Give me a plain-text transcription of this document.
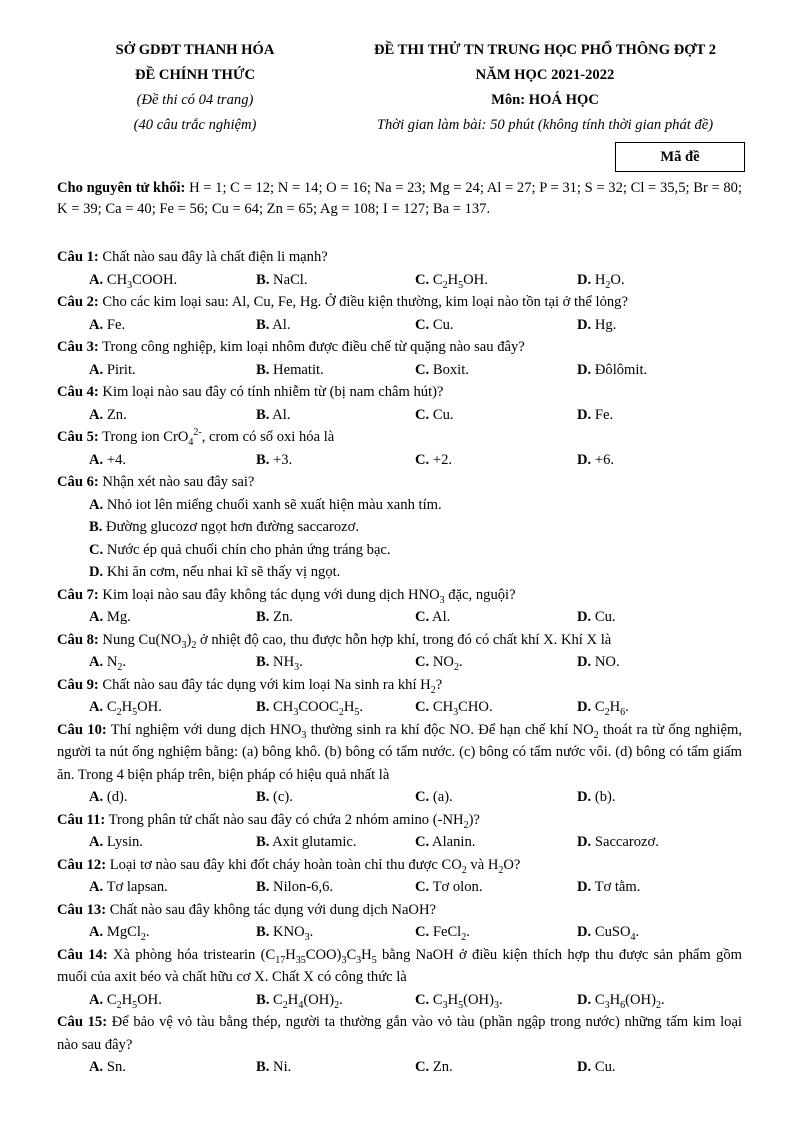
SỞ GDĐT THANH HÓA
ĐỀ CHÍNH THỨC
(Đề thi có 04 trang)
(40 câu trắc nghiệm)
ĐỀ THI THỬ TN TRUNG HỌC PHỔ THÔNG ĐỢT 2
NĂM HỌC 2021-2022
Môn: HOÁ HỌC
Thời gian làm bài: 50 phút (không tính thời gian phát đề)
Mã đề
Cho nguyên tử khối: H = 1; C = 12; N = 14; O = 16; Na = 23; Mg = 24; Al = 27; P = 31; S = 32; Cl = 35,5; Br = 80; K = 39; Ca = 40; Fe = 56; Cu = 64; Zn = 65; Ag = 108; I = 127; Ba = 137.
Câu 1: Chất nào sau đây là chất điện li mạnh?
A. $CH_3COOH$.	B. NaCl.	C. $C_2H_5OH$.	D. $H_2O$.
Câu 2: Cho các kim loại sau: Al, Cu, Fe, Hg. Ở điều kiện thường, kim loại nào tồn tại ở thể lỏng?
A. Fe.	B. Al.	C. Cu.	D. Hg.
Câu 3: Trong công nghiệp, kim loại nhôm được điều chế từ quặng nào sau đây?
A. Pirit.	B. Hematit.	C. Boxit.	D. Đôlômit.
Câu 4: Kim loại nào sau đây có tính nhiễm từ (bị nam châm hút)?
A. Zn.	B. Al.	C. Cu.	D. Fe.
Câu 5: Trong ion CrO$_4^{2-}$, crom có số oxi hóa là
A. +4.	B. +3.	C. +2.	D. +6.
Câu 6: Nhận xét nào sau đây sai?
A. Nhỏ iot lên miếng chuối xanh sẽ xuất hiện màu xanh tím.
B. Đường glucozơ ngọt hơn đường saccarozơ.
C. Nước ép quả chuối chín cho phản ứng tráng bạc.
D. Khi ăn cơm, nếu nhai kĩ sẽ thấy vị ngọt.
Câu 7: Kim loại nào sau đây không tác dụng với dung dịch $HNO_3$ đặc, nguội?
A. Mg.	B. Zn.	C. Al.	D. Cu.
Câu 8: Nung $Cu(NO_3)_2$ ở nhiệt độ cao, thu được hỗn hợp khí, trong đó có chất khí X. Khí X là
A. $N_2$.	B. $NH_3$.	C. $NO_2$.	D. NO.
Câu 9: Chất nào sau đây tác dụng với kim loại Na sinh ra khí $H_2$?
A. $C_2H_5OH$.	B. $CH_3COOC_2H_5$.	C. $CH_3CHO$.	D. $C_2H_6$.
Câu 10: Thí nghiệm với dung dịch $HNO_3$ thường sinh ra khí độc NO. Để hạn chế khí $NO_2$ thoát ra từ ống nghiệm, người ta nút ống nghiệm bằng: (a) bông khô. (b) bông có tẩm nước. (c) bông có tẩm nước vôi. (d) bông có tẩm giấm ăn. Trong 4 biện pháp trên, biện pháp có hiệu quả nhất là
A. (d).	B. (c).	C. (a).	D. (b).
Câu 11: Trong phân tử chất nào sau đây có chứa 2 nhóm amino $(-NH_2)$?
A. Lysin.	B. Axit glutamic.	C. Alanin.	D. Saccarozơ.
Câu 12: Loại tơ nào sau đây khi đốt cháy hoàn toàn chỉ thu được $CO_2$ và $H_2O$?
A. Tơ lapsan.	B. Nilon-6,6.	C. Tơ olon.	D. Tơ tằm.
Câu 13: Chất nào sau đây không tác dụng với dung dịch NaOH?
A. MgCl$_2$.	B. $KNO_3$.	C. FeCl$_2$.	D. CuSO$_4$.
Câu 14: Xà phòng hóa tristearin $(C_{17}H_{35}COO)_3C_3H_5$ bằng NaOH ở điều kiện thích hợp thu được sản phẩm gồm muối của axit béo và chất hữu cơ X. Chất X có công thức là
A. $C_2H_5OH$.	B. $C_2H_4(OH)_2$.	C. $C_3H_5(OH)_3$.	D. $C_3H_6(OH)_2$.
Câu 15: Để bảo vệ vỏ tàu bằng thép, người ta thường gắn vào vỏ tàu (phần ngập trong nước) những tấm kim loại nào sau đây?
A. Sn.	B. Ni.	C. Zn.	D. Cu.
